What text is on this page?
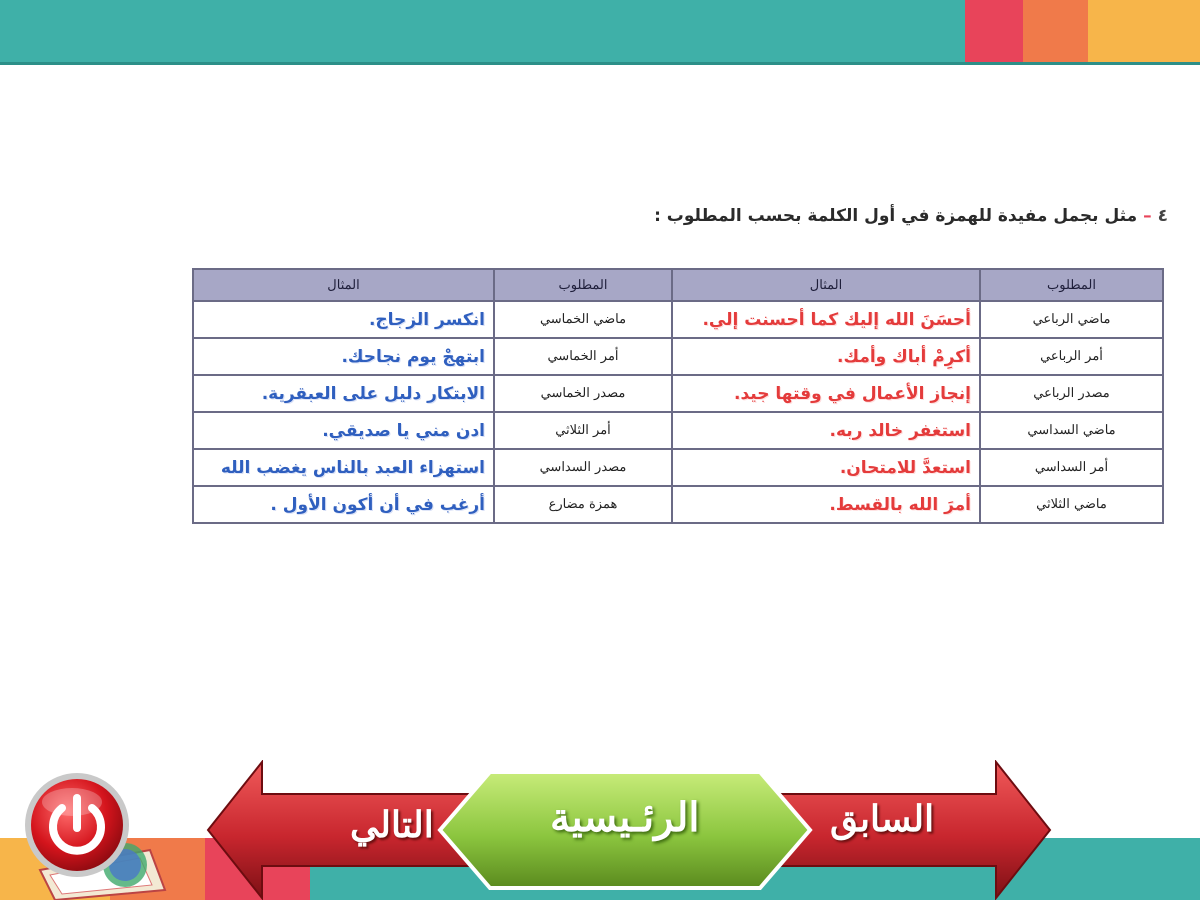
٤–مثل بجمل مفيدة للهمزة في أول الكلمة بحسب المطلوب :
المطلوب	المثال	المطلوب	المثال
ماضي الرباعي	أحسَنَ الله إليك كما أحسنت إلي.	ماضي الخماسي	انكسر الزجاج.
أمر الرباعي	أكرِمْ أباك وأمك.	أمر الخماسي	ابتهجْ يوم نجاحك.
مصدر الرباعي	إنجاز الأعمال في وقتها جيد.	مصدر الخماسي	الابتكار دليل على العبقرية.
ماضي السداسي	استغفر خالد ربه.	أمر الثلاثي	ادن مني يا صديقي.
أمر السداسي	استعدَّ للامتحان.	مصدر السداسي	استهزاء العبد بالناس يغضب الله
ماضي الثلاثي	أمرَ الله بالقسط.	همزة مضارع	أرغب في أن أكون الأول .
السابق
التالي	الرئـيسية
